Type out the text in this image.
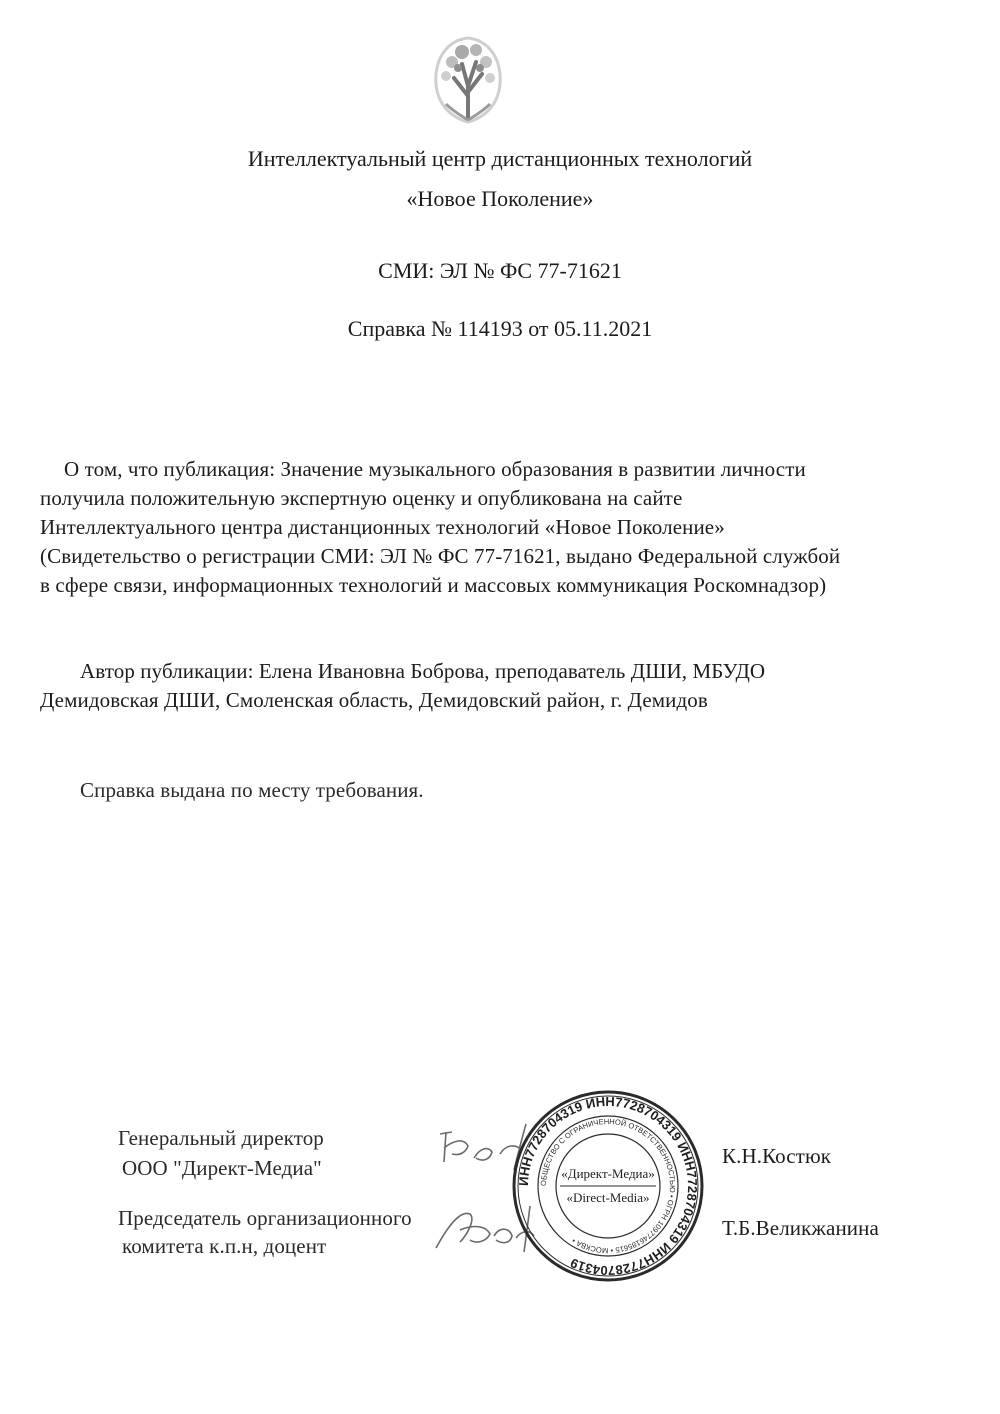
Интеллектуальный центр дистанционных технологий
«Новое Поколение»
СМИ: ЭЛ № ФС 77-71621
Справка № 114193 от 05.11.2021
О том, что публикация: Значение музыкального образования в развитии личности
получила положительную экспертную оценку и опубликована на сайте
Интеллектуального центра дистанционных технологий «Новое Поколение»
(Свидетельство о регистрации СМИ: ЭЛ № ФС 77-71621, выдано Федеральной службой
в сфере связи, информационных технологий и массовых коммуникация Роскомнадзор)
Автор публикации: Елена Ивановна Боброва, преподаватель ДШИ, МБУДО
Демидовская ДШИ, Смоленская область, Демидовский район, г. Демидов
Справка выдана по месту требования.
Генеральный директор
ООО "Директ-Медиа"	К.Н.Костюк
Председатель организационного
комитета к.п.н, доцент
Т.Б.Великжанина
ИНН7728704319 ИНН7728704319 ИНН7728704319 ИНН7728704319
ОБЩЕСТВО С ОГРАНИЧЕННОЙ ОТВЕТСТВЕННОСТЬЮ • ОГРН 1097746185615 • МОСКВА •
«Директ-Медиа»
«Direct-Media»
